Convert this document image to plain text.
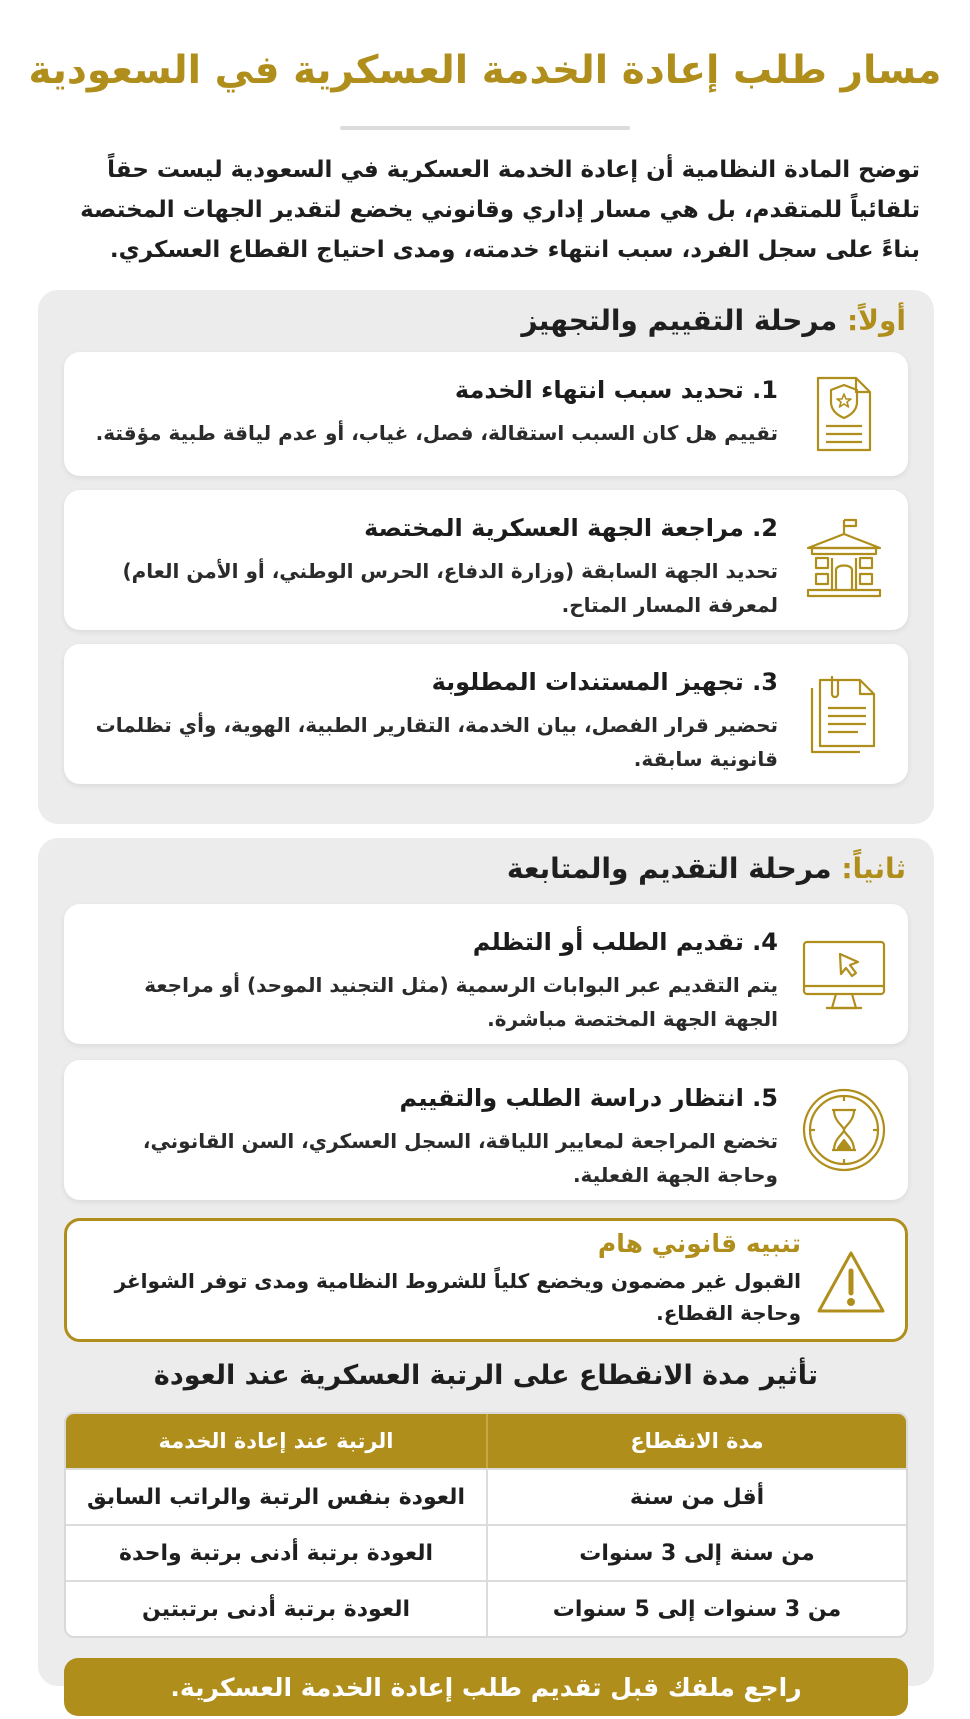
مسار طلب إعادة الخدمة العسكرية في السعودية

توضح المادة النظامية أن إعادة الخدمة العسكرية في السعودية ليست حقاً تلقائياً للمتقدم، بل هي مسار إداري وقانوني يخضع لتقدير الجهات المختصة بناءً على سجل الفرد، سبب انتهاء خدمته، ومدى احتياج القطاع العسكري.

أولاً: مرحلة التقييم والتجهيز
1. تحديد سبب انتهاء الخدمة
تقييم هل كان السبب استقالة، فصل، غياب، أو عدم لياقة طبية مؤقتة.
2. مراجعة الجهة العسكرية المختصة
تحديد الجهة السابقة (وزارة الدفاع، الحرس الوطني، أو الأمن العام) لمعرفة المسار المتاح.
3. تجهيز المستندات المطلوبة
تحضير قرار الفصل، بيان الخدمة، التقارير الطبية، الهوية، وأي تظلمات قانونية سابقة.
ثانياً: مرحلة التقديم والمتابعة
4. تقديم الطلب أو التظلم
يتم التقديم عبر البوابات الرسمية (مثل التجنيد الموحد) أو مراجعة الجهة الجهة المختصة مباشرة.
5. انتظار دراسة الطلب والتقييم
تخضع المراجعة لمعايير اللياقة، السجل العسكري، السن القانوني، وحاجة الجهة الفعلية.
تنبيه قانوني هام
القبول غير مضمون ويخضع كلياً للشروط النظامية ومدى توفر الشواغر وحاجة القطاع.
تأثير مدة الانقطاع على الرتبة العسكرية عند العودة
مدة الانقطاع
الرتبة عند إعادة الخدمة
أقل من سنة
العودة بنفس الرتبة والراتب السابق
من سنة إلى 3 سنوات
العودة برتبة أدنى برتبة واحدة
من 3 سنوات إلى 5 سنوات
العودة برتبة أدنى برتبتين
راجع ملفك قبل تقديم طلب إعادة الخدمة العسكرية.
